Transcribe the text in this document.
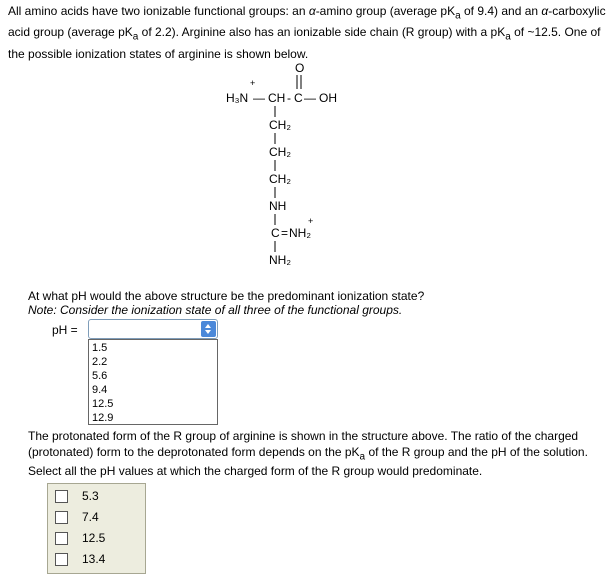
All amino acids have two ionizable functional groups: an α-amino group (average $pK_a$ of 9.4) and an α-carboxylic acid group (average $pK_a$ of 2.2). Arginine also has an ionizable side chain (R group) with a $pK_a$ of ~12.5. One of the possible ionization states of arginine is shown below.
+
H₃N — CH - C — OH
O
CH₂
CH₂
CH₂
NH
+
C = NH₂
NH₂
At what pH would the above structure be the predominant ionization state?
Note: Consider the ionization state of all three of the functional groups.
pH =
1.5
2.2
5.6
9.4
12.5
12.9
The protonated form of the R group of arginine is shown in the structure above. The ratio of the charged (protonated) form to the deprotonated form depends on the $pK_a$ of the R group and the pH of the solution. Select all the pH values at which the charged form of the R group would predominate.
5.3
7.4
12.5
13.4
